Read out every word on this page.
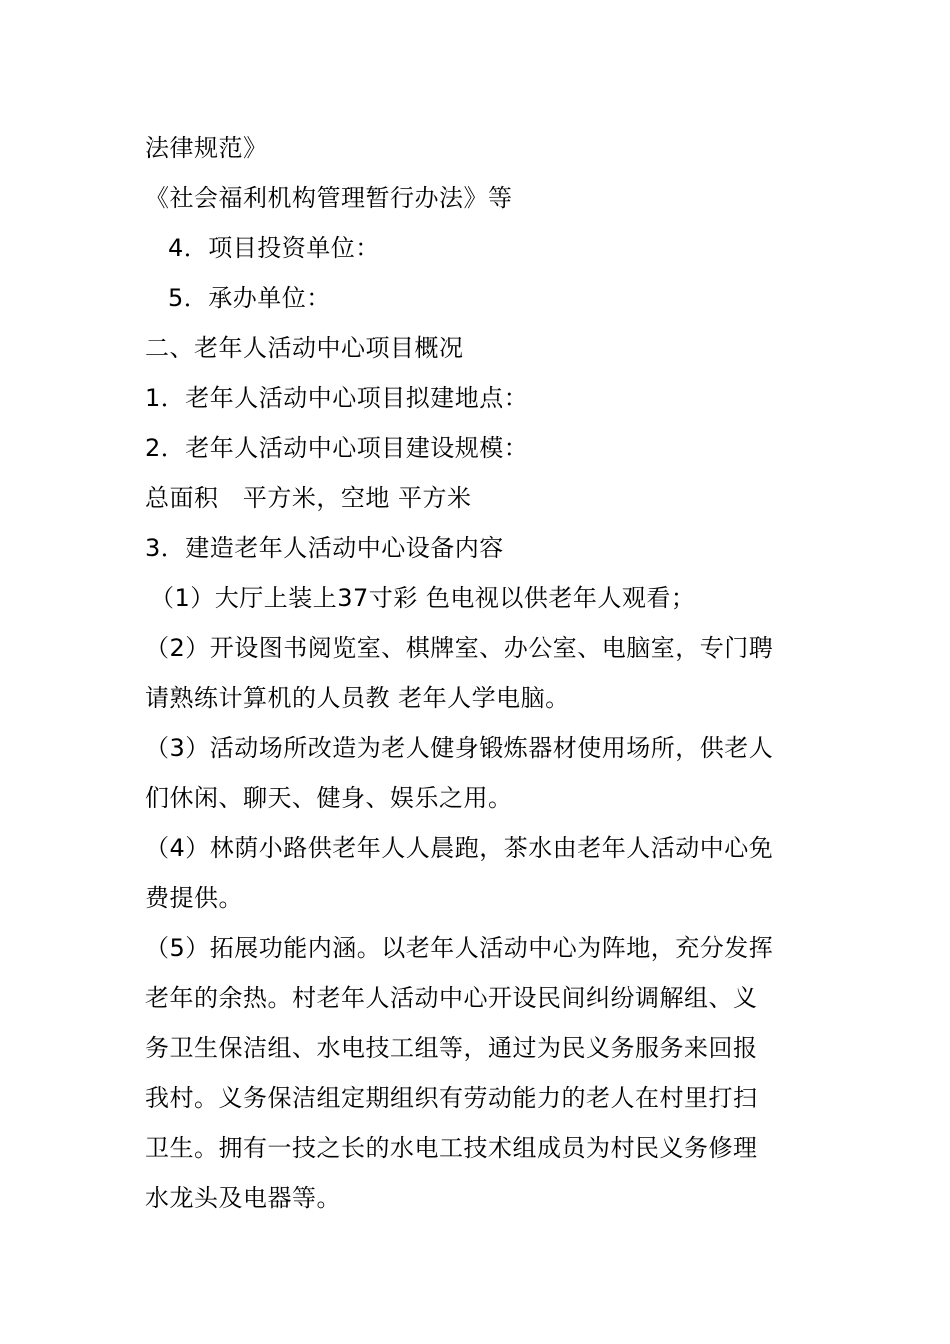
法律规范》
《社会福利机构管理暂行办法》等
4．项目投资单位：
5．承办单位：
二、老年人活动中心项目概况
1．老年人活动中心项目拟建地点：
2．老年人活动中心项目建设规模：
总面积   平方米，空地 平方米
3．建造老年人活动中心设备内容
（1）大厅上装上37寸彩 色电视以供老年人观看；
（2）开设图书阅览室、棋牌室、办公室、电脑室，专门聘
请熟练计算机的人员教 老年人学电脑。
（3）活动场所改造为老人健身锻炼器材使用场所，供老人
们休闲、聊天、健身、娱乐之用。
（4）林荫小路供老年人人晨跑，茶水由老年人活动中心免
费提供。
（5）拓展功能内涵。以老年人活动中心为阵地，充分发挥
老年的余热。村老年人活动中心开设民间纠纷调解组、义
务卫生保洁组、水电技工组等，通过为民义务服务来回报
我村。义务保洁组定期组织有劳动能力的老人在村里打扫
卫生。拥有一技之长的水电工技术组成员为村民义务修理
水龙头及电器等。
